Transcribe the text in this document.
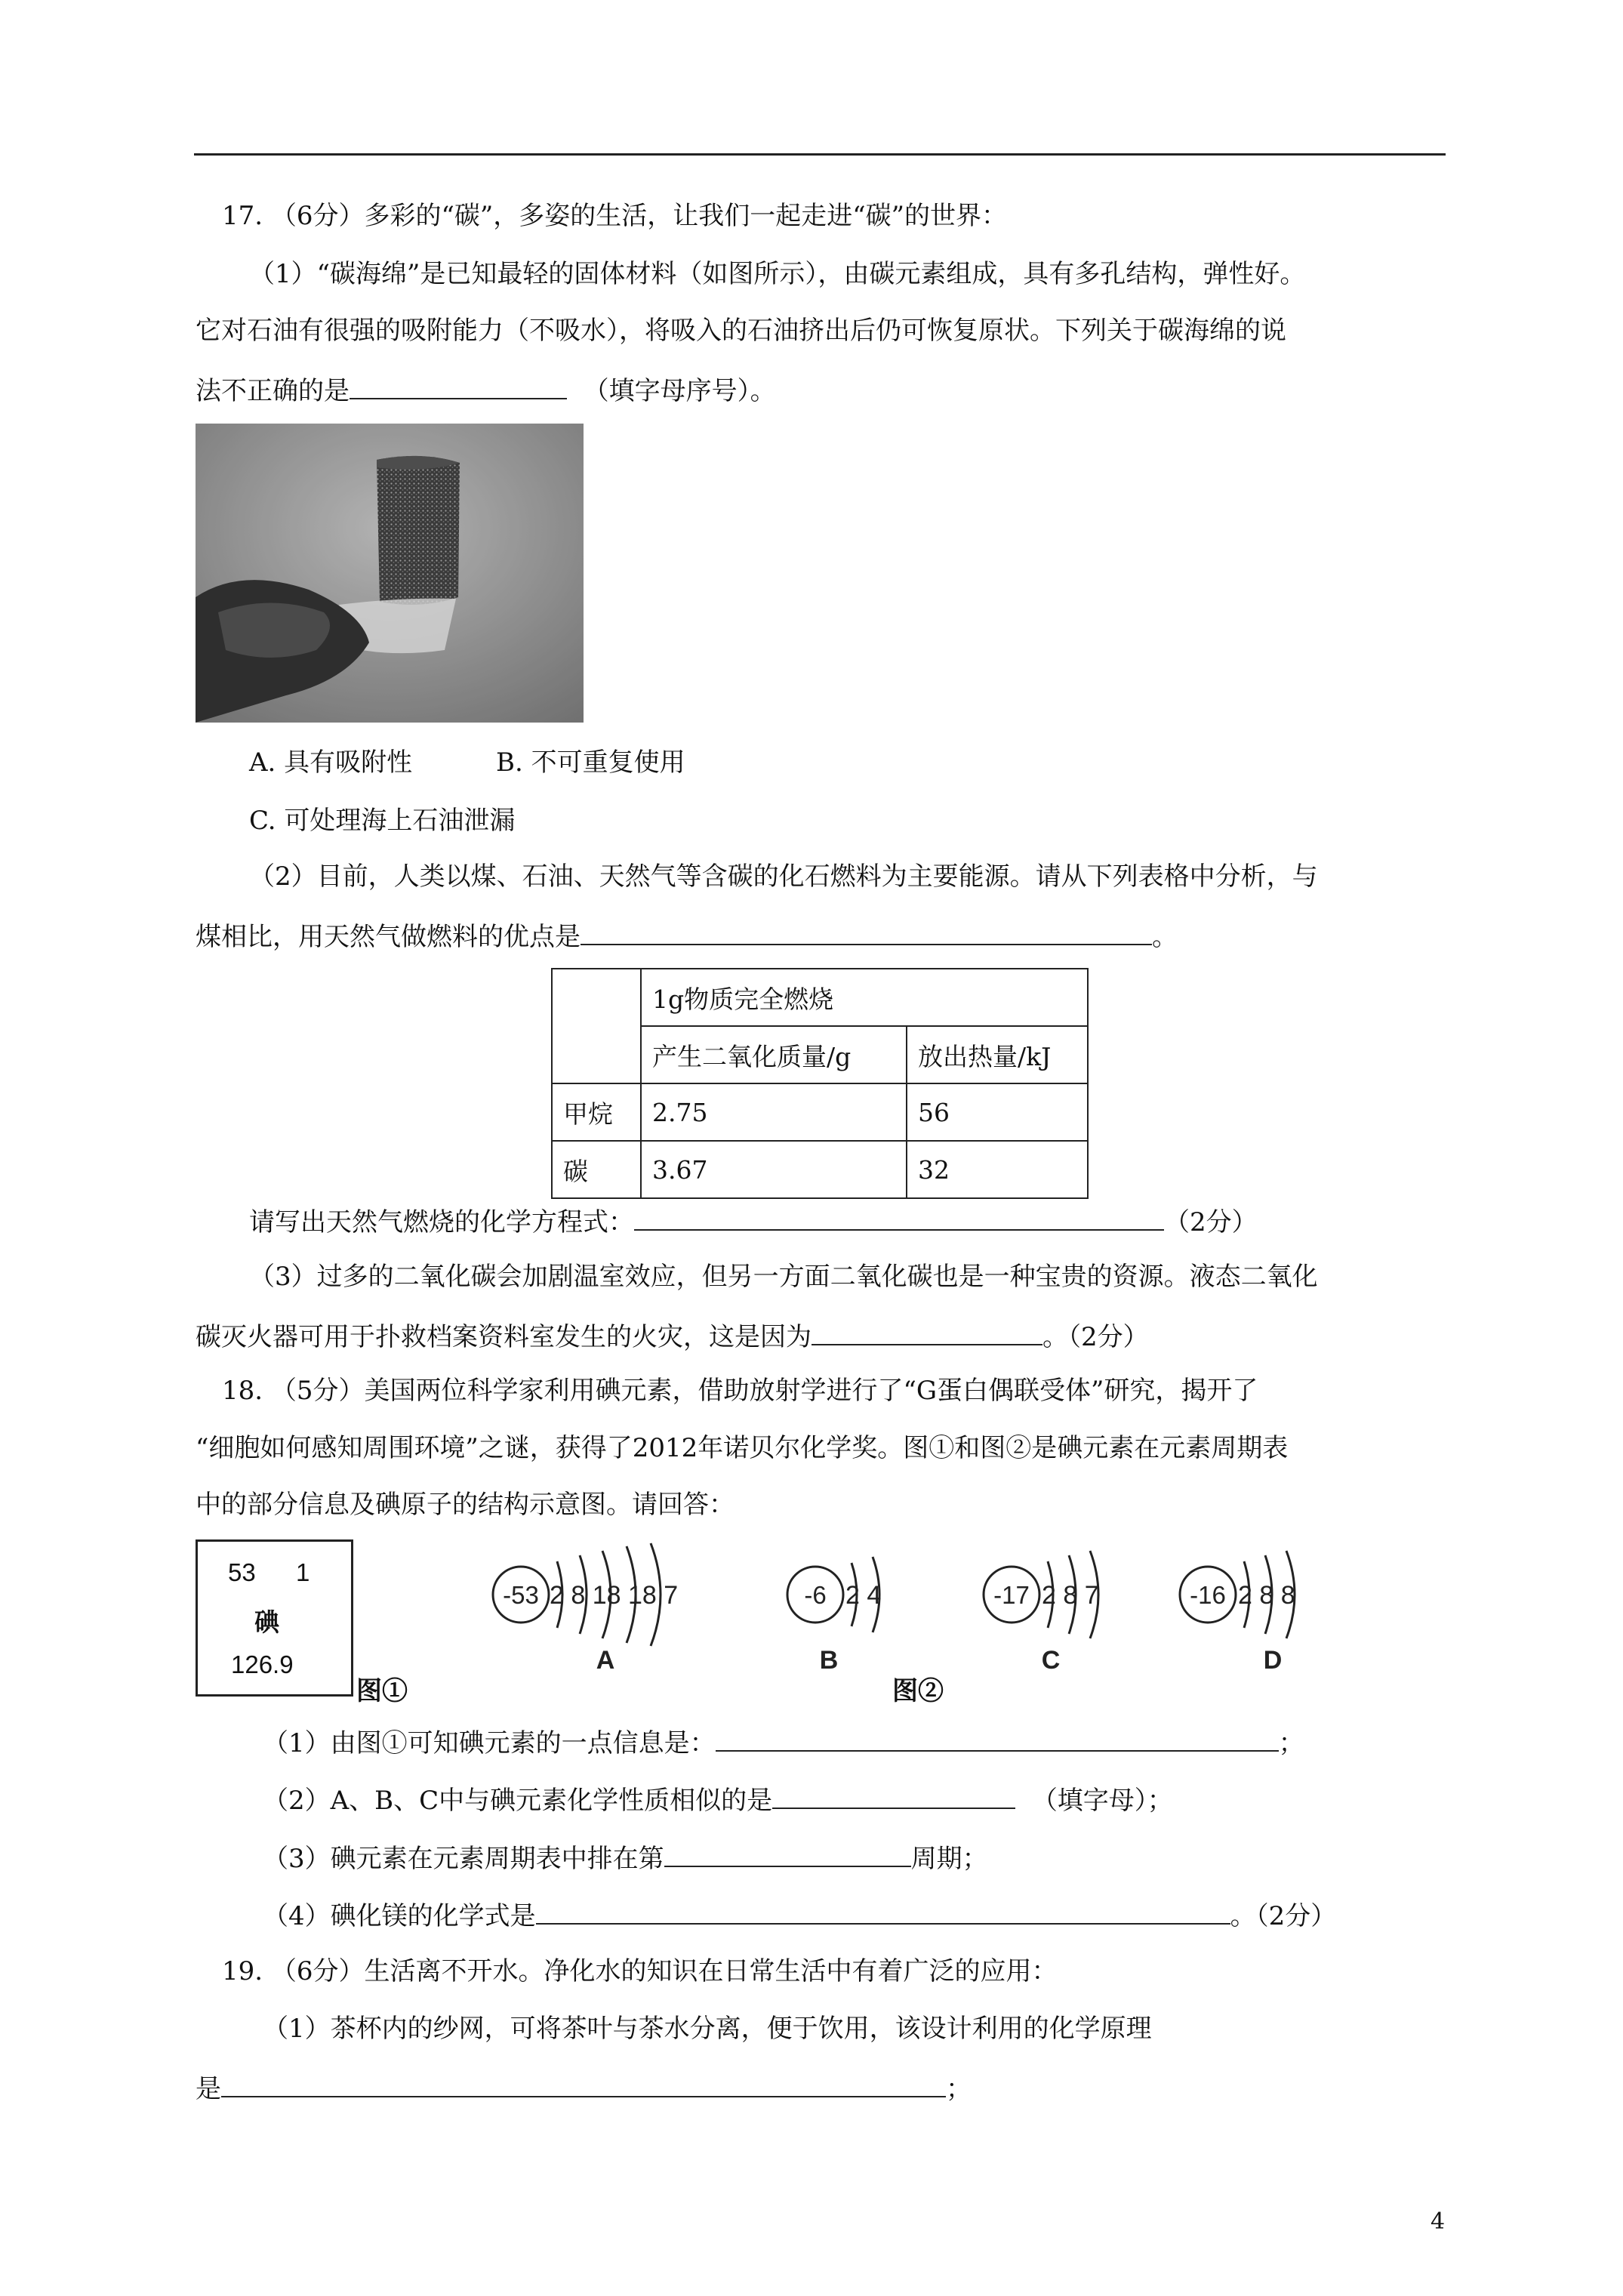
17. （6分）多彩的“碳”，多姿的生活，让我们一起走进“碳”的世界：
（1）“碳海绵”是已知最轻的固体材料（如图所示），由碳元素组成，具有多孔结构，弹性好。
它对石油有很强的吸附能力（不吸水），将吸入的石油挤出后仍可恢复原状。下列关于碳海绵的说
法不正确的是	（填字母序号）。
A. 具有吸附性	B. 不可重复使用
C. 可处理海上石油泄漏
（2）目前，人类以煤、石油、天然气等含碳的化石燃料为主要能源。请从下列表格中分析，与
煤相比，用天然气做燃料的优点是	。
	1g物质完全燃烧	
	产生二氧化质量/g	放出热量/kJ
甲烷	2.75	56
碳	3.67	32
请写出天然气燃烧的化学方程式：	（2分）
（3）过多的二氧化碳会加剧温室效应，但另一方面二氧化碳也是一种宝贵的资源。液态二氧化
碳灭火器可用于扑救档案资料室发生的火灾，这是因为	。（2分）
18. （5分）美国两位科学家利用碘元素，借助放射学进行了“G蛋白偶联受体”研究，揭开了
“细胞如何感知周围环境”之谜，获得了2012年诺贝尔化学奖。图①和图②是碘元素在元素周期表
中的部分信息及碘原子的结构示意图。请回答：
53 1
碘
126.9
图①
-53 2 8 18 18 7
A
-6 2 4
B
-17 2 8 7
C
-16 2 8 8
D
图②
（1）由图①可知碘元素的一点信息是：	；
（2）A、B、C中与碘元素化学性质相似的是	（填字母）；
（3）碘元素在元素周期表中排在第	周期；
（4）碘化镁的化学式是	。（2分）
19. （6分）生活离不开水。净化水的知识在日常生活中有着广泛的应用：
（1）茶杯内的纱网，可将茶叶与茶水分离，便于饮用，该设计利用的化学原理
是	；
4
